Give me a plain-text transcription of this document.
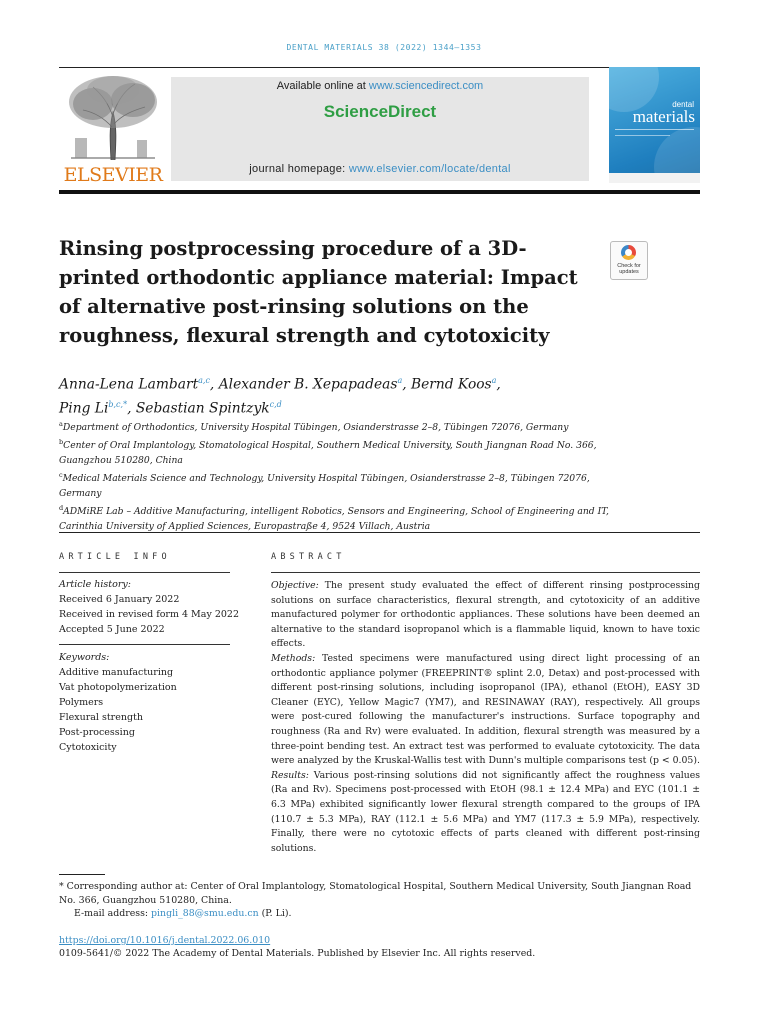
DENTAL MATERIALS 38 (2022) 1344–1353
ELSEVIER
Available online at www.sciencedirect.com
ScienceDirect
journal homepage: www.elsevier.com/locate/dental
dental
materials
Rinsing postprocessing procedure of a 3D-printed orthodontic appliance material: Impact of alternative post-rinsing solutions on the roughness, flexural strength and cytotoxicity
Check for updates

Anna-Lena Lambart$^{a,c}$, Alexander B. Xepapadeas$^a$, Bernd Koos$^a$,
Ping $Li^{b,c,*}$, Sebastian Spintzyk$^{c,d}$

$^a$Department of Orthodontics, University Hospital Tübingen, Osianderstrasse 2–8, Tübingen 72076, Germany

$^b$Center of Oral Implantology, Stomatological Hospital, Southern Medical University, South Jiangnan Road No. 366, Guangzhou 510280, China

$^c$Medical Materials Science and Technology, University Hospital Tübingen, Osianderstrasse 2–8, Tübingen 72076, Germany

$^d$ADMiRE Lab – Additive Manufacturing, intelligent Robotics, Sensors and Engineering, School of Engineering and IT, Carinthia University of Applied Sciences, Europastraße 4, 9524 Villach, Austria

ARTICLE INFO	ABSTRACT

Article history:

Received 6 January 2022

Received in revised form 4 May 2022

Accepted 5 June 2022

Keywords:

Additive manufacturing

Vat photopolymerization

Polymers

Flexural strength

Post-processing

Cytotoxicity

Objective: The present study evaluated the effect of different rinsing postprocessing solutions on surface characteristics, flexural strength, and cytotoxicity of an additive manufactured polymer for orthodontic appliances. These solutions have been deemed an alternative to the standard isopropanol which is a flammable liquid, known to have toxic effects.

Methods: Tested specimens were manufactured using direct light processing of an orthodontic appliance polymer (FREEPRINT® splint 2.0, Detax) and post-processed with different post-rinsing solutions, including isopropanol (IPA), ethanol (EtOH), EASY 3D Cleaner (EYC), Yellow Magic7 (YM7), and RESINAWAY (RAY), respectively. All groups were post-cured following the manufacturer's instructions. Surface topography and roughness (Ra and Rv) were evaluated. In addition, flexural strength was measured by a three-point bending test. An extract test was performed to evaluate cytotoxicity. The data were analyzed by the Kruskal-Wallis test with Dunn's multiple comparisons test (p < 0.05).

Results: Various post-rinsing solutions did not significantly affect the roughness values (Ra and Rv). Specimens post-processed with EtOH (98.1 ± 12.4 MPa) and EYC (101.1 ± 6.3 MPa) exhibited significantly lower flexural strength compared to the groups of IPA (110.7 ± 5.3 MPa), RAY (112.1 ± 5.6 MPa) and YM7 (117.3 ± 5.9 MPa), respectively. Finally, there were no cytotoxic effects of parts cleaned with different post-rinsing solutions.

* Corresponding author at: Center of Oral Implantology, Stomatological Hospital, Southern Medical University, South Jiangnan Road No. 366, Guangzhou 510280, China.

E-mail address: pingli_88@smu.edu.cn (P. Li).

https://doi.org/10.1016/j.dental.2022.06.010
0109-5641/© 2022 The Academy of Dental Materials. Published by Elsevier Inc. All rights reserved.
